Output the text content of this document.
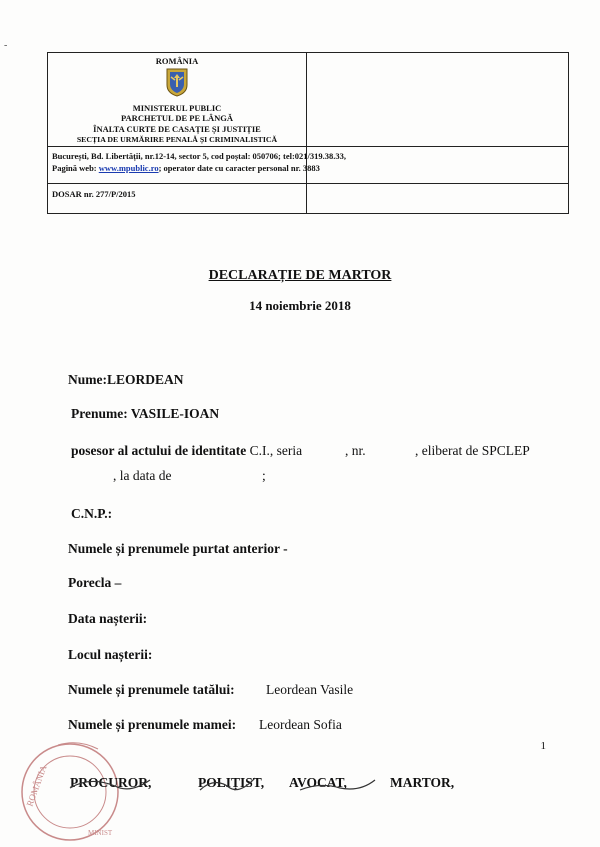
-
ROMÂNIA
MINISTERUL PUBLIC
PARCHETUL DE PE LÂNGĂ
ÎNALTA CURTE DE CASAȚIE ȘI JUSTIȚIE
SECȚIA DE URMĂRIRE PENALĂ ȘI CRIMINALISTICĂ
București, Bd. Libertății, nr.12-14, sector 5, cod poștal: 050706; tel:021/319.38.33,
Pagină web: www.mpublic.ro; operator date cu caracter personal nr. 3883
DOSAR nr. 277/P/2015
DECLARAȚIE DE MARTOR
14 noiembrie 2018
Nume:LEORDEAN
Prenume: VASILE-IOAN
posesor al actului de identitate C.I., seria	, nr.	, eliberat de SPCLEP
, la data de	;
C.N.P.:
Numele și prenumele purtat anterior -
Porecla –
Data nașterii:
Locul nașterii:
Numele și prenumele tatălui: Leordean Vasile
Numele și prenumele mamei: Leordean Sofia
1
ROMÂNIA
MINIST
PROCUROR,	POLIȚIST, AVOCAT,	MARTOR,
